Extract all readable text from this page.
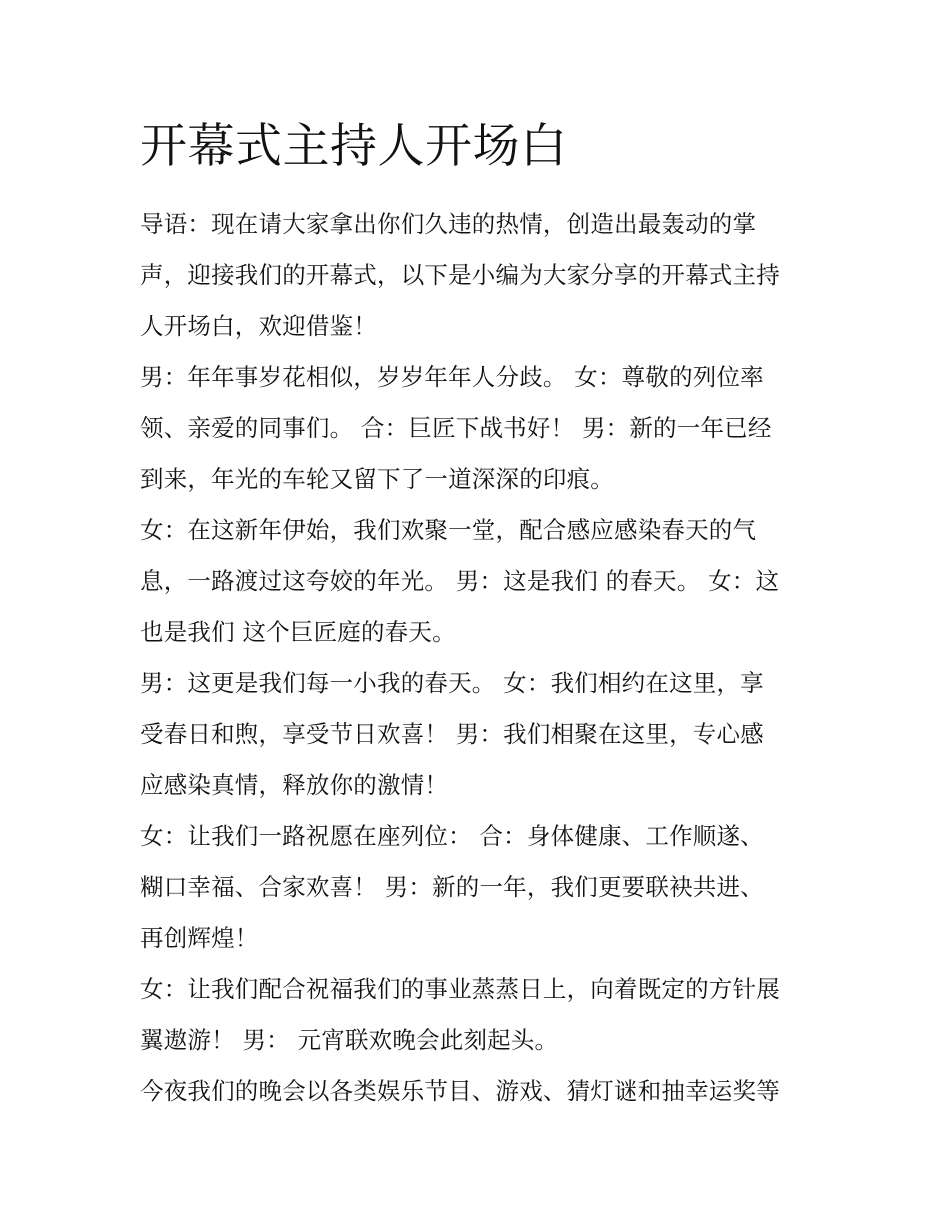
开幕式主持人开场白
导语：现在请大家拿出你们久违的热情，创造出最轰动的掌
声，迎接我们的开幕式，以下是小编为大家分享的开幕式主持
人开场白，欢迎借鉴！
男：年年事岁花相似，岁岁年年人分歧。 女：尊敬的列位率
领、亲爱的同事们。 合：巨匠下战书好！ 男：新的一年已经
到来，年光的车轮又留下了一道深深的印痕。
女：在这新年伊始，我们欢聚一堂，配合感应感染春天的气
息，一路渡过这夸姣的年光。 男：这是我们 的春天。 女：这
也是我们 这个巨匠庭的春天。
男：这更是我们每一小我的春天。 女：我们相约在这里，享
受春日和煦，享受节日欢喜！ 男：我们相聚在这里，专心感
应感染真情，释放你的激情！
女：让我们一路祝愿在座列位： 合：身体健康、工作顺遂、
糊口幸福、合家欢喜！ 男：新的一年，我们更要联袂共进、
再创辉煌！
女：让我们配合祝福我们的事业蒸蒸日上，向着既定的方针展
翼遨游！ 男： 元宵联欢晚会此刻起头。
今夜我们的晚会以各类娱乐节目、游戏、猜灯谜和抽幸运奖等
